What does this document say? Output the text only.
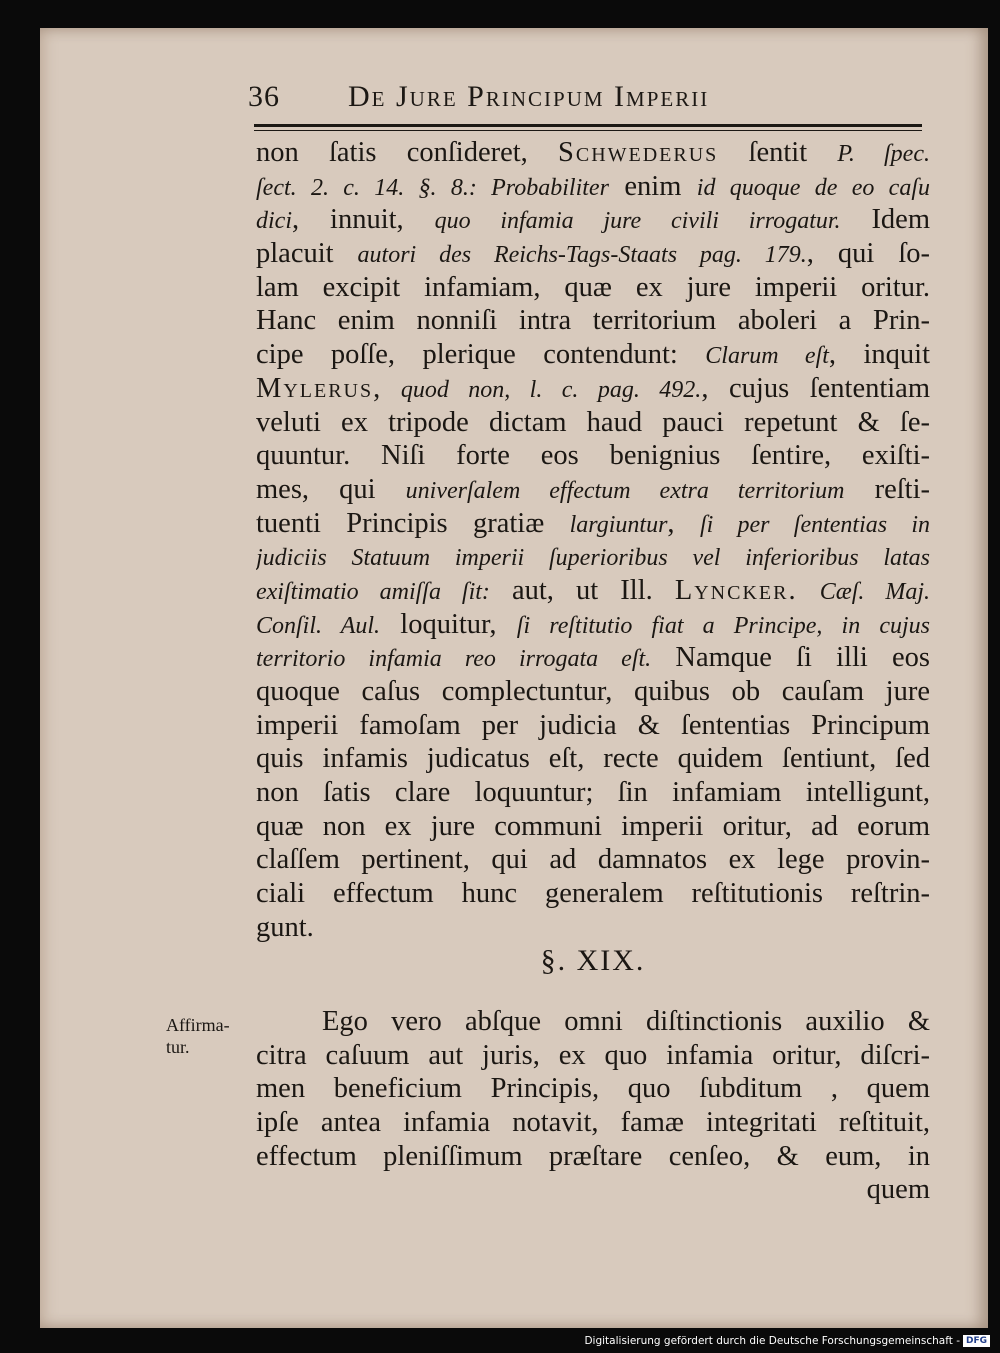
36 De Jure Principum Imperii
non ſatis conſideret, Schwederus ſentit P. ſpec.
ſect. 2. c. 14. §. 8.: Probabiliter enim id quoque de eo caſu
dici, innuit, quo infamia jure civili irrogatur. Idem
placuit autori des Reichs-Tags-Staats pag. 179., qui ſo-
lam excipit infamiam, quæ ex jure imperii oritur.
Hanc enim nonniſi intra territorium aboleri a Prin-
cipe poſſe, plerique contendunt: Clarum eſt, inquit
Mylerus, quod non, l. c. pag. 492., cujus ſententiam
veluti ex tripode dictam haud pauci repetunt & ſe-
quuntur. Niſi forte eos benignius ſentire, exiſti-
mes, qui univerſalem effectum extra territorium reſti-
tuenti Principis gratiæ largiuntur, ſi per ſententias in
judiciis Statuum imperii ſuperioribus vel inferioribus latas
exiſtimatio amiſſa ſit: aut, ut Ill. Lyncker. Cæſ. Maj.
Conſil. Aul. loquitur, ſi reſtitutio fiat a Principe, in cujus
territorio infamia reo irrogata eſt. Namque ſi illi eos
quoque caſus complectuntur, quibus ob cauſam jure
imperii famoſam per judicia & ſententias Principum
quis infamis judicatus eſt, recte quidem ſentiunt, ſed
non ſatis clare loquuntur; ſin infamiam intelligunt,
quæ non ex jure communi imperii oritur, ad eorum
claſſem pertinent, qui ad damnatos ex lege provin-
ciali effectum hunc generalem reſtitutionis reſtrin-
gunt.
§. XIX.
Affirma-
tur.
Ego vero abſque omni diſtinctionis auxilio &
citra caſuum aut juris, ex quo infamia oritur, diſcri-
men beneficium Principis, quo ſubditum , quem
ipſe antea infamia notavit, famæ integritati reſtituit,
effectum pleniſſimum præſtare cenſeo, & eum, in
quem
Digitalisierung gefördert durch die Deutsche Forschungsgemeinschaft - DFG
